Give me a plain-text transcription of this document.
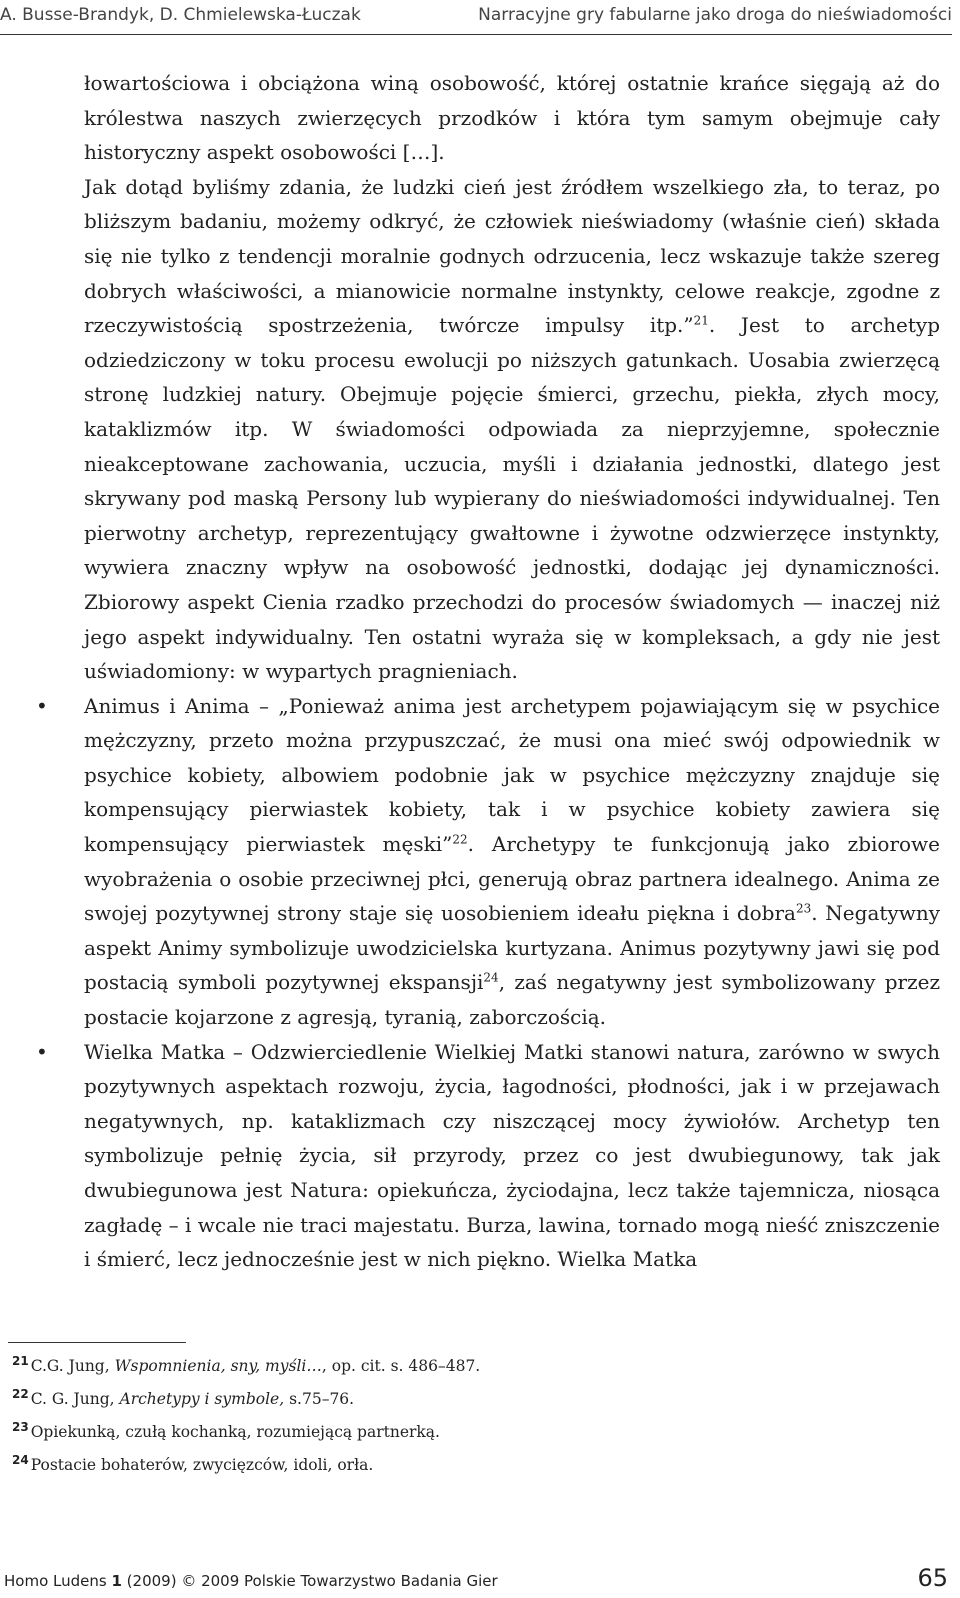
A. Busse-Brandyk, D. Chmielewska-Łuczak	Narracyjne gry fabularne jako droga do nieświadomości

łowartościowa i obciążona winą osobowość, której ostatnie krańce sięgają aż do królestwa naszych zwierzęcych przodków i która tym samym obejmuje cały historyczny aspekt osobowości […].

Jak dotąd byliśmy zdania, że ludzki cień jest źródłem wszelkiego zła, to teraz, po bliższym badaniu, możemy odkryć, że człowiek nieświadomy (właśnie cień) składa się nie tylko z tendencji moralnie godnych odrzucenia, lecz wskazuje także szereg dobrych właściwości, a mianowicie normalne instynkty, celowe reakcje, zgodne z rzeczywistością spostrzeżenia, twórcze impulsy itp.”$^{21}$. Jest to archetyp odziedziczony w toku procesu ewolucji po niższych gatunkach. Uosabia zwierzęcą stronę ludzkiej natury. Obejmuje pojęcie śmierci, grzechu, piekła, złych mocy, kataklizmów itp. W świadomości odpowiada za nieprzyjemne, społecznie nieakceptowane zachowania, uczucia, myśli i działania jednostki, dlatego jest skrywany pod maską Persony lub wypierany do nieświadomości indywidualnej. Ten pierwotny archetyp, reprezentujący gwałtowne i żywotne odzwierzęce instynkty, wywiera znaczny wpływ na osobowość jednostki, dodając jej dynamiczności. Zbiorowy aspekt Cienia rzadko przechodzi do procesów świadomych — inaczej niż jego aspekt indywidualny. Ten ostatni wyraża się w kompleksach, a gdy nie jest uświadomiony: w wypartych pragnieniach.

• Animus i Anima – „Ponieważ anima jest archetypem pojawiającym się w psychice mężczyzny, przeto można przypuszczać, że musi ona mieć swój odpowiednik w psychice kobiety, albowiem podobnie jak w psychice mężczyzny znajduje się kompensujący pierwiastek kobiety, tak i w psychice kobiety zawiera się kompensujący pierwiastek męski”$^{22}$. Archetypy te funkcjonują jako zbiorowe wyobrażenia o osobie przeciwnej płci, generują obraz partnera idealnego. Anima ze swojej pozytywnej strony staje się uosobieniem ideału piękna i dobra$^{23}$. Negatywny aspekt Animy symbolizuje uwodzicielska kurtyzana. Animus pozytywny jawi się pod postacią symboli pozytywnej ekspansji$^{24}$, zaś negatywny jest symbolizowany przez postacie kojarzone z agresją, tyranią, zaborczością.
• Wielka Matka – Odzwierciedlenie Wielkiej Matki stanowi natura, zarówno w swych pozytywnych aspektach rozwoju, życia, łagodności, płodności, jak i w przejawach negatywnych, np. kataklizmach czy niszczącej mocy żywiołów. Archetyp ten symbolizuje pełnię życia, sił przyrody, przez co jest dwubiegunowy, tak jak dwubiegunowa jest Natura: opiekuńcza, życiodajna, lecz także tajemnicza, niosąca zagładę – i wcale nie traci majestatu. Burza, lawina, tornado mogą nieść zniszczenie i śmierć, lecz jednocześnie jest w nich piękno. Wielka Matka
$^{21}$ C.G. Jung, Wspomnienia, sny, myśli…, op. cit. s. 486–487.
$^{22}$ C. G. Jung, Archetypy i symbole, s.75–76.
$^{23}$ Opiekunką, czułą kochanką, rozumiejącą partnerką.
$^{24}$ Postacie bohaterów, zwycięzców, idoli, orła.
Homo Ludens 1 (2009) © 2009 Polskie Towarzystwo Badania Gier	65
